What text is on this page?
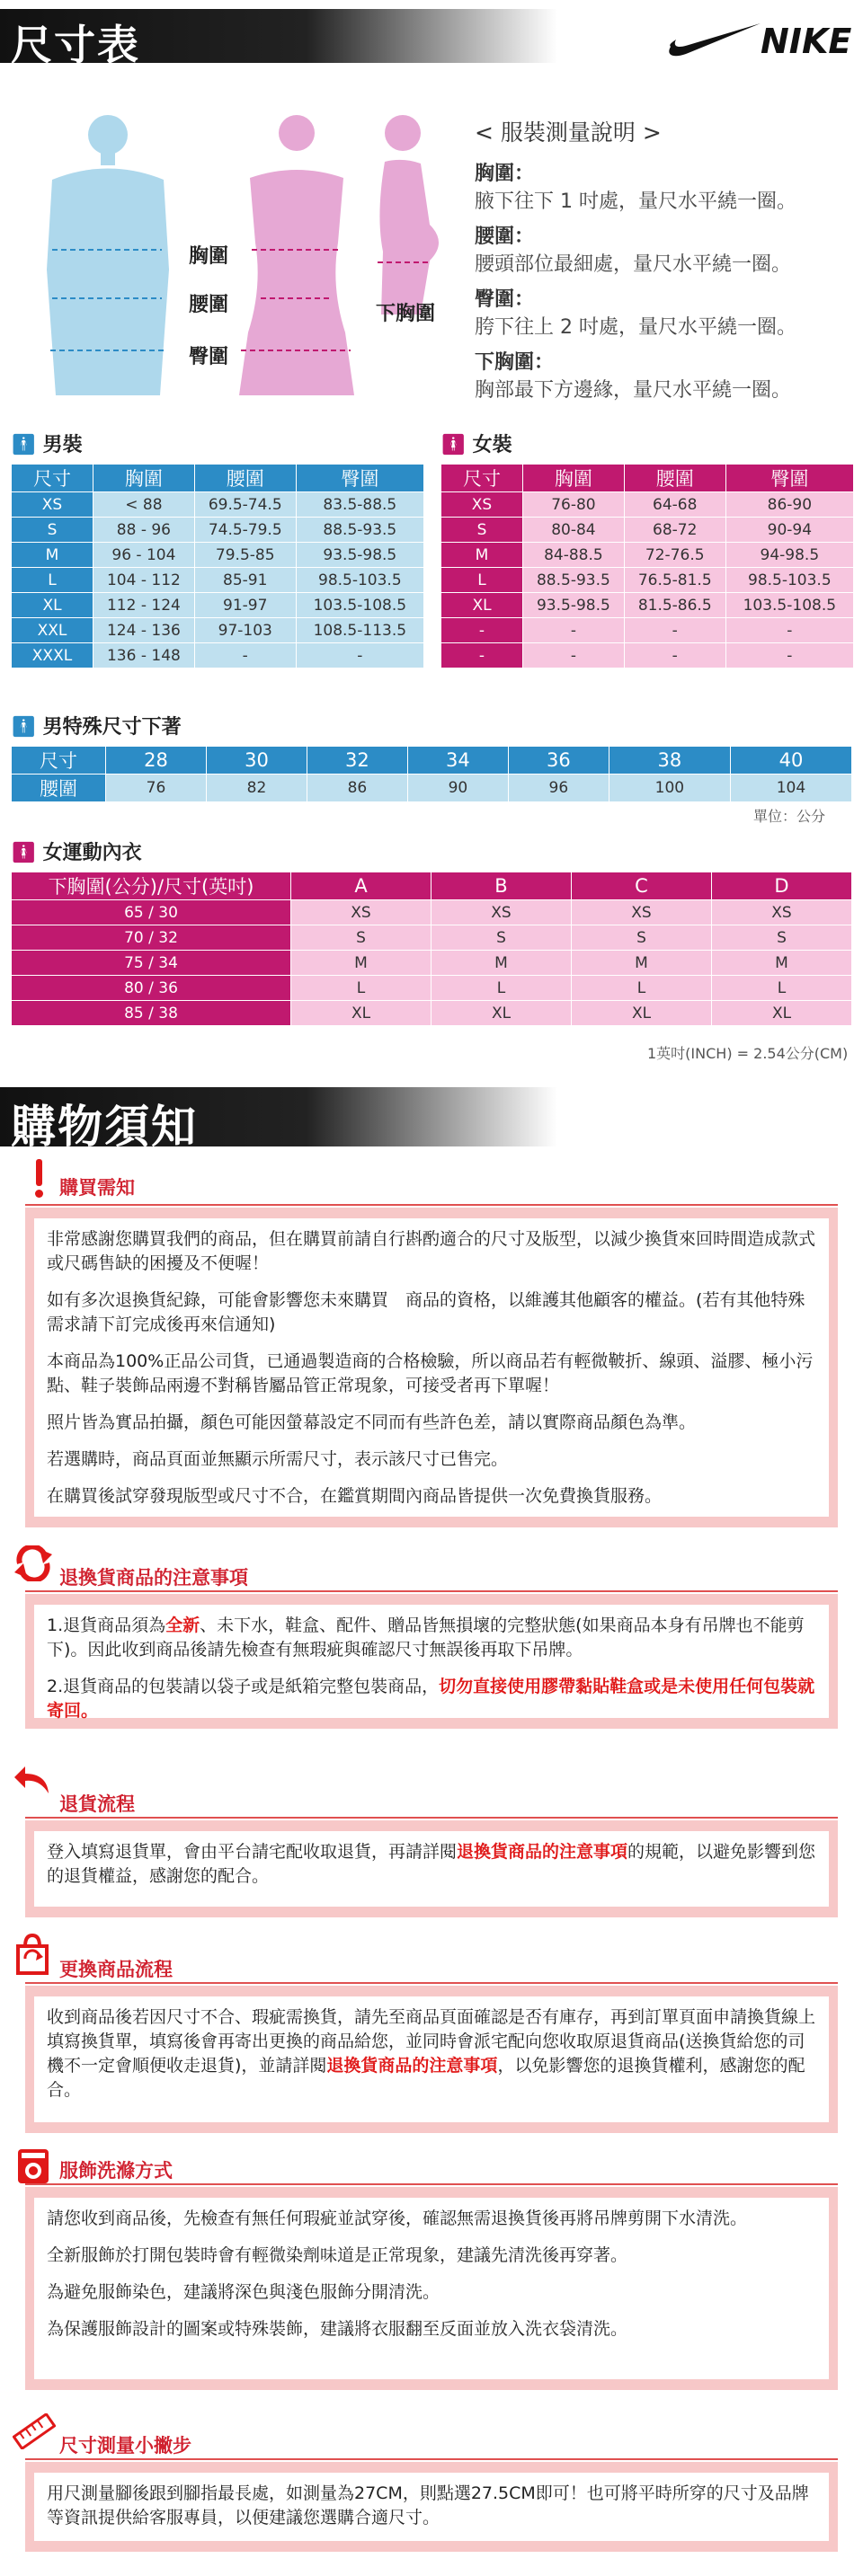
尺寸表	NIKE
胸圍
腰圍
臀圍
下胸圍
< 服裝測量說明 >
胸圍：
腋下往下 1 吋處，量尺水平繞一圈。
腰圍：
腰頭部位最細處，量尺水平繞一圈。
臀圍：
胯下往上 2 吋處，量尺水平繞一圈。
下胸圍：
胸部最下方邊緣，量尺水平繞一圈。
🚹︎ 男裝
尺寸	胸圍	腰圍	臀圍
XS	< 88	69.5-74.5	83.5-88.5
S	88 - 96	74.5-79.5	88.5-93.5
M	96 - 104	79.5-85	93.5-98.5
L	104 - 112	85-91	98.5-103.5
XL	112 - 124	91-97	103.5-108.5
XXL	124 - 136	97-103	108.5-113.5
XXXL	136 - 148	-	-
🚺︎ 女裝
尺寸	胸圍	腰圍	臀圍
XS	76-80	64-68	86-90
S	80-84	68-72	90-94
M	84-88.5	72-76.5	94-98.5
L	88.5-93.5	76.5-81.5	98.5-103.5
XL	93.5-98.5	81.5-86.5	103.5-108.5
-	-	-	-
-	-	-	-
🚹︎ 男特殊尺寸下著
尺寸	28	30	32	34	36	38	40
腰圍	76	82	86	90	96	100	104
單位：公分
🚺︎ 女運動內衣
下胸圍(公分)/尺寸(英吋)	A	B	C	D
65 / 30	XS	XS	XS	XS
70 / 32	S	S	S	S
75 / 34	M	M	M	M
80 / 36	L	L	L	L
85 / 38	XL	XL	XL	XL
1英吋(INCH) = 2.54公分(CM)
購物須知
購買需知

非常感謝您購買我們的商品，但在購買前請自行斟酌適合的尺寸及版型，以減少換貨來回時間造成款式或尺碼售缺的困擾及不便喔！

如有多次退換貨紀錄，可能會影響您未來購買　商品的資格，以維護其他顧客的權益。(若有其他特殊需求請下訂完成後再來信通知)

本商品為100%正品公司貨，已通過製造商的合格檢驗，所以商品若有輕微鞁折、線頭、溢膠、極小污點、鞋子裝飾品兩邊不對稱皆屬品管正常現象，可接受者再下單喔！

照片皆為實品拍攝，顏色可能因螢幕設定不同而有些許色差，請以實際商品顏色為準。

若選購時，商品頁面並無顯示所需尺寸，表示該尺寸已售完。

在購買後試穿發現版型或尺寸不合，在鑑賞期間內商品皆提供一次免費換貨服務。

退換貨商品的注意事項

1.退貨商品須為全新、未下水，鞋盒、配件、贈品皆無損壞的完整狀態(如果商品本身有吊牌也不能剪下)。因此收到商品後請先檢查有無瑕疵與確認尺寸無誤後再取下吊牌。

2.退貨商品的包裝請以袋子或是紙箱完整包裝商品，切勿直接使用膠帶黏貼鞋盒或是未使用任何包裝就寄回。

退貨流程

登入填寫退貨單，會由平台請宅配收取退貨，再請詳閱退換貨商品的注意事項的規範，以避免影響到您的退貨權益，感謝您的配合。

更換商品流程

收到商品後若因尺寸不合、瑕疵需換貨，請先至商品頁面確認是否有庫存，再到訂單頁面申請換貨線上填寫換貨單，填寫後會再寄出更換的商品給您，並同時會派宅配向您收取原退貨商品(送換貨給您的司機不一定會順便收走退貨)，並請詳閱退換貨商品的注意事項，以免影響您的退換貨權利，感謝您的配合。

服飾洗滌方式

請您收到商品後，先檢查有無任何瑕疵並試穿後，確認無需退換貨後再將吊牌剪開下水清洗。

全新服飾於打開包裝時會有輕微染劑味道是正常現象，建議先清洗後再穿著。

為避免服飾染色，建議將深色與淺色服飾分開清洗。

為保護服飾設計的圖案或特殊裝飾，建議將衣服翻至反面並放入洗衣袋清洗。

尺寸測量小撇步

用尺測量腳後跟到腳指最長處，如測量為27CM，則點選27.5CM即可！也可將平時所穿的尺寸及品牌等資訊提供給客服專員，以便建議您選購合適尺寸。
